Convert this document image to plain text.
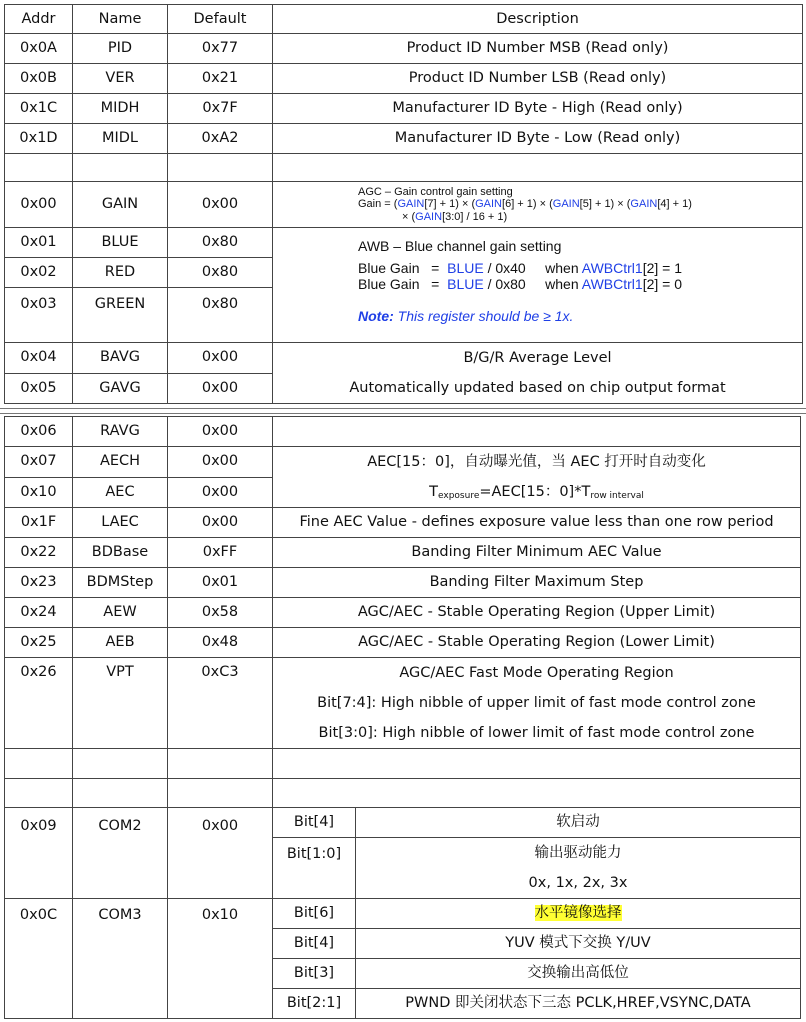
Addr	Name	Default	Description
0x0A	PID	0x77	Product ID Number MSB (Read only)
0x0B	VER	0x21	Product ID Number LSB (Read only)
0x1C	MIDH	0x7F	Manufacturer ID Byte - High (Read only)
0x1D	MIDL	0xA2	Manufacturer ID Byte - Low (Read only)

0x00	GAIN	0x00	AGC – Gain control gain setting
Gain = (GAIN[7] + 1) × (GAIN[6] + 1) × (GAIN[5] + 1) × (GAIN[4] + 1)
× (GAIN[3:0] / 16 + 1)

0x01	BLUE	0x80	AWB – Blue channel gain setting
Blue Gain   =  BLUE / 0x40     when AWBCtrl1[2] = 1
Blue Gain   =  BLUE / 0x80     when AWBCtrl1[2] = 0
Note: This register should be ≥ 1x.

0x02	RED	0x80	
0x03	GREEN	0x80	
0x04	BAVG	0x00	B/G/R Average Level
Automatically updated based on chip output format

0x05	GAVG	0x00	
0x06	RAVG	0x00		
0x07	AECH	0x00	AEC[15：0]，自动曝光值，当 AEC 打开时自动变化
$T_{exposure}=AEC[15$：$0]*T_{row interval}$

0x10	AEC	0x00		
0x1F	LAEC	0x00	Fine AEC Value - defines exposure value less than one row period	
0x22	BDBase	0xFF	Banding Filter Minimum AEC Value	
0x23	BDMStep	0x01	Banding Filter Maximum Step	
0x24	AEW	0x58	AGC/AEC - Stable Operating Region (Upper Limit)	
0x25	AEB	0x48	AGC/AEC - Stable Operating Region (Lower Limit)	
0x26	VPT	0xC3	AGC/AEC Fast Mode Operating Region
Bit[7:4]: High nibble of upper limit of fast mode control zone
Bit[3:0]: High nibble of lower limit of fast mode control zone	

0x09	COM2	0x00	Bit[4]	软启动
			Bit[1:0]	输出驱动能力
0x, 1x, 2x, 3x

0x0C	COM3	0x10	Bit[6]	水平镜像选择
			Bit[4]	YUV 模式下交换 Y/UV
			Bit[3]	交换输出高低位
			Bit[2:1]	PWND 即关闭状态下三态 PCLK,HREF,VSYNC,DATA
